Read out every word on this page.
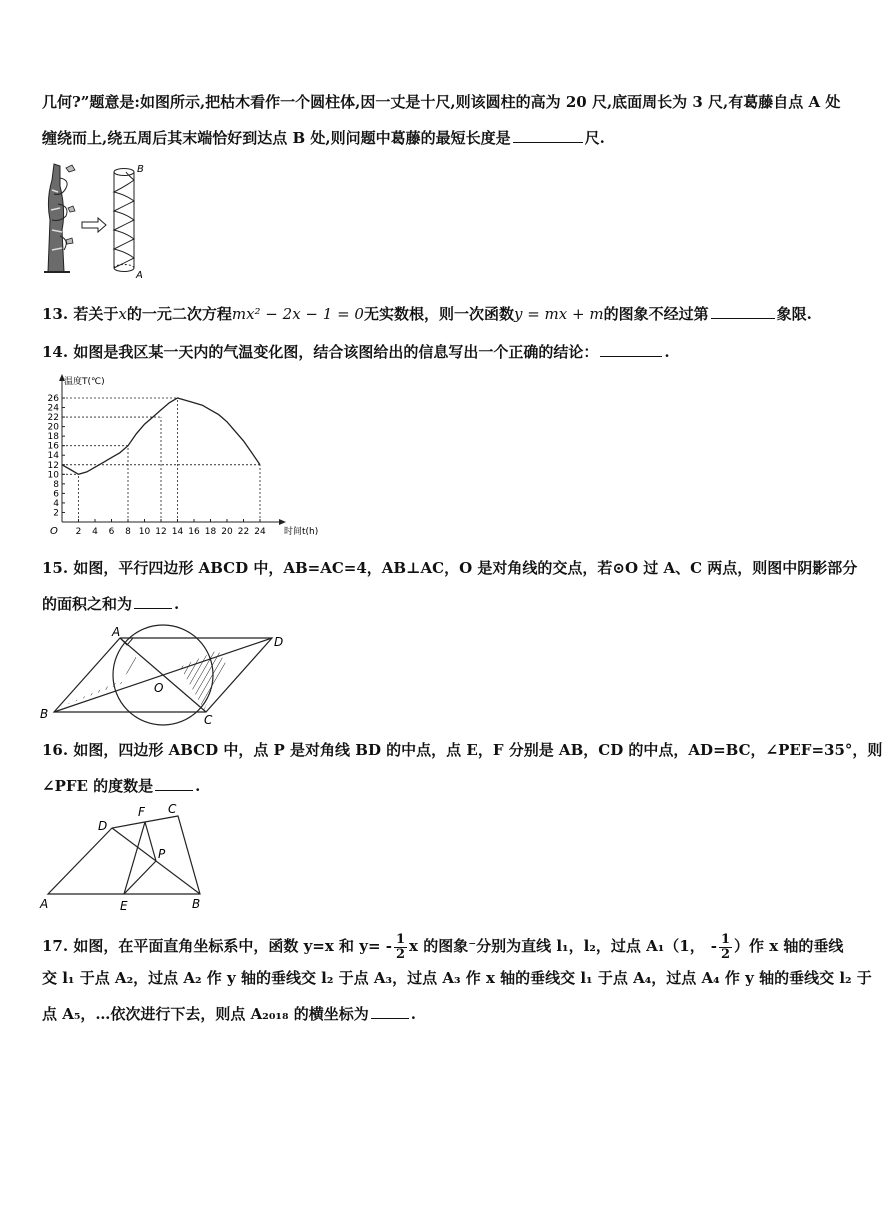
几何?”题意是:如图所示,把枯木看作一个圆柱体,因一丈是十尺,则该圆柱的高为 20 尺,底面周长为 3 尺,有葛藤自点 A 处
缠绕而上,绕五周后其末端恰好到达点 B 处,则问题中葛藤的最短长度是	尺.
B
A
13. 若关于x的一元二次方程mx² − 2x − 1 = 0无实数根，则一次函数y = mx + m的图象不经过第	象限.
14. 如图是我区某一天内的气温变化图，结合该图给出的信息写出一个正确的结论：	.
2 4 6 8 10 12 14 16 18 20 22 24
2
4
6
8
10
12
14
16
18
20
22
24
26
温度T(℃)
时间t(h)
O
15. 如图，平行四边形 ABCD 中，AB=AC=4，AB⊥AC，O 是对角线的交点，若⊙O 过 A、C 两点，则图中阴影部分
的面积之和为	.
A
B	C
D
O
16. 如图，四边形 ABCD 中，点 P 是对角线 BD 的中点，点 E，F 分别是 AB，CD 的中点，AD=BC，∠PEF=35°，则
∠PFE 的度数是	.
A	B
C
D
E
F
P
17. 如图，在平面直角坐标系中，函数 y=x 和 $y= - \frac{1}{2}$ x 的图象⁻分别为直线 l₁，l₂，过点 A₁（1， - $\frac{1}{2}$ ）作 x 轴的垂线
交 l₁ 于点 A₂，过点 A₂ 作 y 轴的垂线交 l₂ 于点 A₃，过点 A₃ 作 x 轴的垂线交 l₁ 于点 A₄，过点 A₄ 作 y 轴的垂线交 l₂ 于
点 A₅，…依次进行下去，则点 A₂₀₁₈ 的横坐标为	.
